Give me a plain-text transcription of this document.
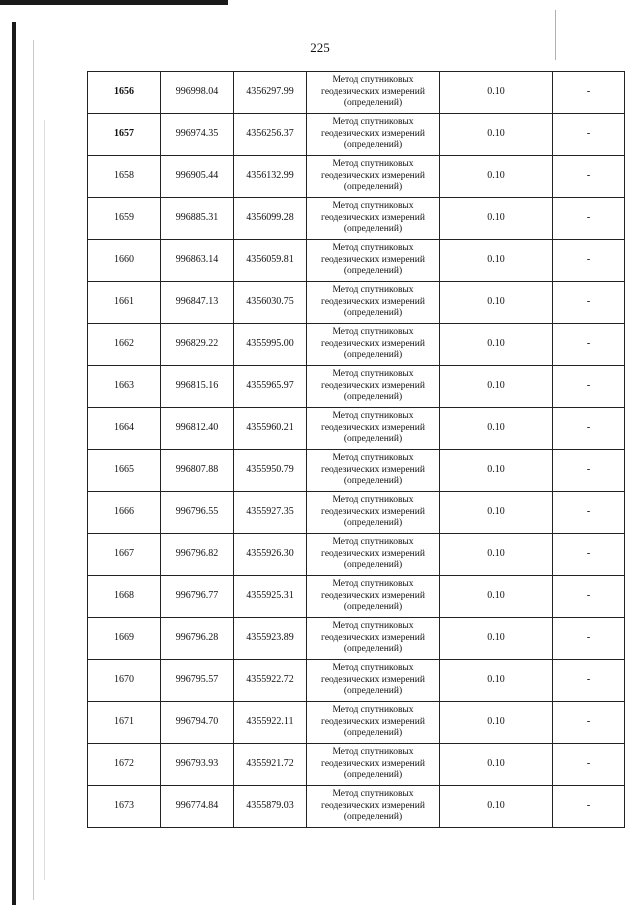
225
1656	996998.04	4356297.99	Метод спутниковых
геодезических измерений
(определений)	0.10	-
1657	996974.35	4356256.37	Метод спутниковых
геодезических измерений
(определений)	0.10	-
1658	996905.44	4356132.99	Метод спутниковых
геодезических измерений
(определений)	0.10	-
1659	996885.31	4356099.28	Метод спутниковых
геодезических измерений
(определений)	0.10	-
1660	996863.14	4356059.81	Метод спутниковых
геодезических измерений
(определений)	0.10	-
1661	996847.13	4356030.75	Метод спутниковых
геодезических измерений
(определений)	0.10	-
1662	996829.22	4355995.00	Метод спутниковых
геодезических измерений
(определений)	0.10	-
1663	996815.16	4355965.97	Метод спутниковых
геодезических измерений
(определений)	0.10	-
1664	996812.40	4355960.21	Метод спутниковых
геодезических измерений
(определений)	0.10	-
1665	996807.88	4355950.79	Метод спутниковых
геодезических измерений
(определений)	0.10	-
1666	996796.55	4355927.35	Метод спутниковых
геодезических измерений
(определений)	0.10	-
1667	996796.82	4355926.30	Метод спутниковых
геодезических измерений
(определений)	0.10	-
1668	996796.77	4355925.31	Метод спутниковых
геодезических измерений
(определений)	0.10	-
1669	996796.28	4355923.89	Метод спутниковых
геодезических измерений
(определений)	0.10	-
1670	996795.57	4355922.72	Метод спутниковых
геодезических измерений
(определений)	0.10	-
1671	996794.70	4355922.11	Метод спутниковых
геодезических измерений
(определений)	0.10	-
1672	996793.93	4355921.72	Метод спутниковых
геодезических измерений
(определений)	0.10	-
1673	996774.84	4355879.03	Метод спутниковых
геодезических измерений
(определений)	0.10	-
